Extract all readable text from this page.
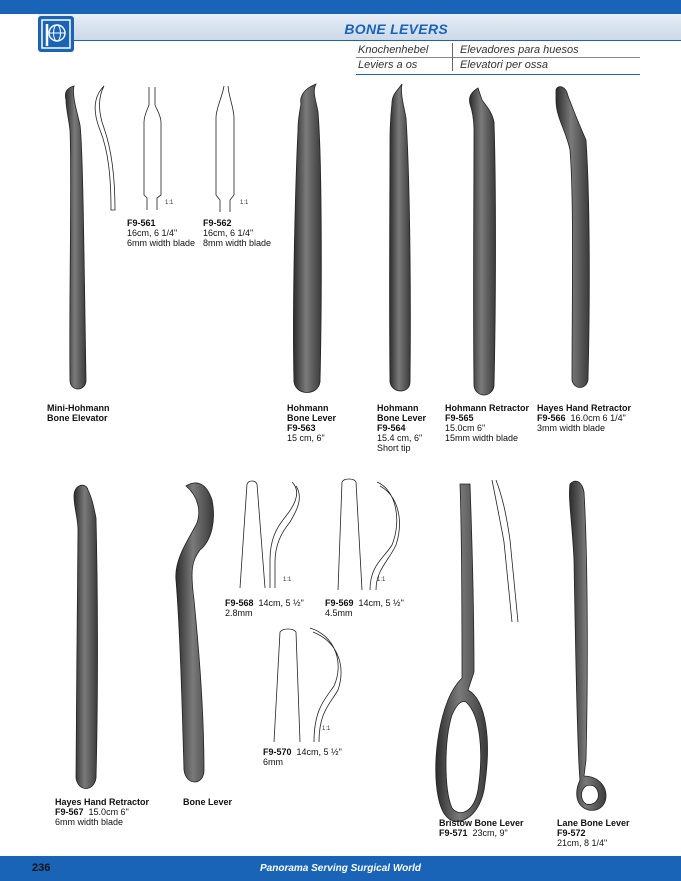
BONE LEVERS
Knochenhebel	Elevadores para huesos
Leviers a os	Elevatori per ossa
1:1	1:1
1:1	1:1
1:1
F9-561
16cm, 6 1/4"
6mm width blade
F9-562
16cm, 6 1/4"
8mm width blade
Mini-Hohmann
Bone Elevator
Hohmann
Bone Lever
F9-563
15 cm, 6"
Hohmann
Bone Lever
F9-564
15.4 cm, 6"
Short tip
Hohmann Retractor
F9-565
15.0cm 6"
15mm width blade
Hayes Hand Retractor
F9-566 16.0cm 6 1/4"
3mm width blade
F9-568 14cm, 5 ½"
2.8mm
F9-569 14cm, 5 ½"
4.5mm
F9-570 14cm, 5 ½"
6mm
Hayes Hand Retractor
F9-567 15.0cm 6"
6mm width blade
Bone Lever
Bristow Bone Lever
F9-571 23cm, 9"
Lane Bone Lever
F9-572
21cm, 8 1/4"
236	Panorama Serving Surgical World
